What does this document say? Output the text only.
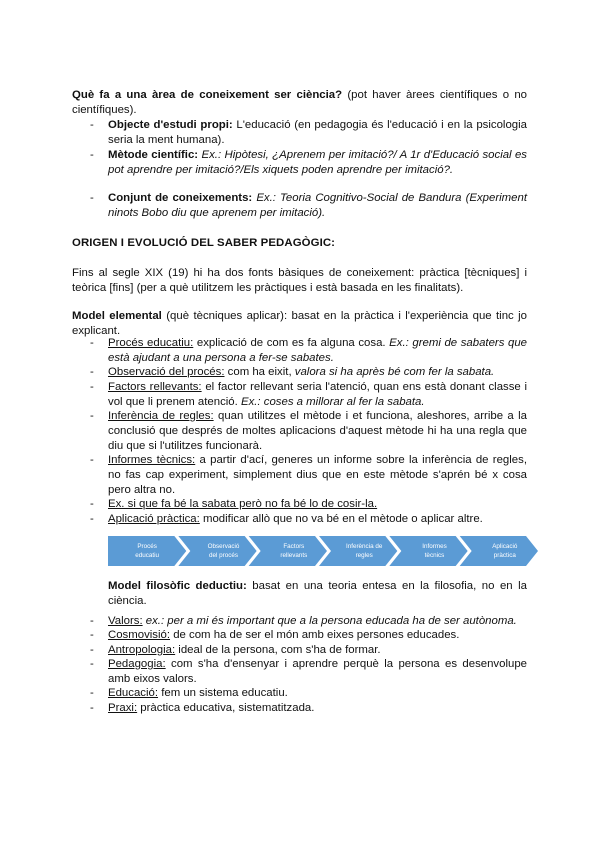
Què fa a una àrea de coneixement ser ciència? (pot haver àrees científiques o no científiques).
-	Objecte d'estudi propi: L'educació (en pedagogia és l'educació i en la psicologia seria la ment humana).
-	Mètode científic: Ex.: Hipòtesi, ¿Aprenem per imitació?/ A 1r d'Educació social es pot aprendre per imitació?/Els xiquets poden aprendre per imitació?.
-	Conjunt de coneixements: Ex.: Teoria Cognitivo-Social de Bandura (Experiment ninots Bobo diu que aprenem per imitació).
ORIGEN I EVOLUCIÓ DEL SABER PEDAGÒGIC:
Fins al segle XIX (19) hi ha dos fonts bàsiques de coneixement: pràctica [tècniques] i teòrica [fins] (per a què utilitzem les pràctiques i està basada en les finalitats).
Model elemental (què tècniques aplicar): basat en la pràctica i l'experiència que tinc jo explicant.
-	Procés educatiu: explicació de com es fa alguna cosa. Ex.: gremi de sabaters que està ajudant a una persona a fer-se sabates.
-	Observació del procés: com ha eixit, valora si ha après bé com fer la sabata.
-	Factors rellevants: el factor rellevant seria l'atenció, quan ens està donant classe i vol que li prenem atenció. Ex.: coses a millorar al fer la sabata.
-	Inferència de regles: quan utilitzes el mètode i et funciona, aleshores, arribe a la conclusió que després de moltes aplicacions d'aquest mètode hi ha una regla que diu que si l'utilitzes funcionarà.
-	Informes tècnics: a partir d'ací, generes un informe sobre la inferència de regles, no fas cap experiment, simplement dius que en este mètode s'aprén bé x cosa pero altra no.
-	Ex. si que fa bé la sabata però no fa bé lo de cosir-la.
-	Aplicació pràctica: modificar allò que no va bé en el mètode o aplicar altre.
Procés
educatiu
Observació
del procés
Factors
rellevants
Inferència de
regles
Informes
tècnics
Aplicació
pràctica
Model filosòfic deductiu: basat en una teoria entesa en la filosofia, no en la ciència.
-	Valors: ex.: per a mi és important que a la persona educada ha de ser autònoma.
-	Cosmovisió: de com ha de ser el món amb eixes persones educades.
-	Antropologia: ideal de la persona, com s'ha de formar.
-	Pedagogia: com s'ha d'ensenyar i aprendre perquè la persona es desenvolupe amb eixos valors.
-	Educació: fem un sistema educatiu.
-	Praxi: pràctica educativa, sistematitzada.
